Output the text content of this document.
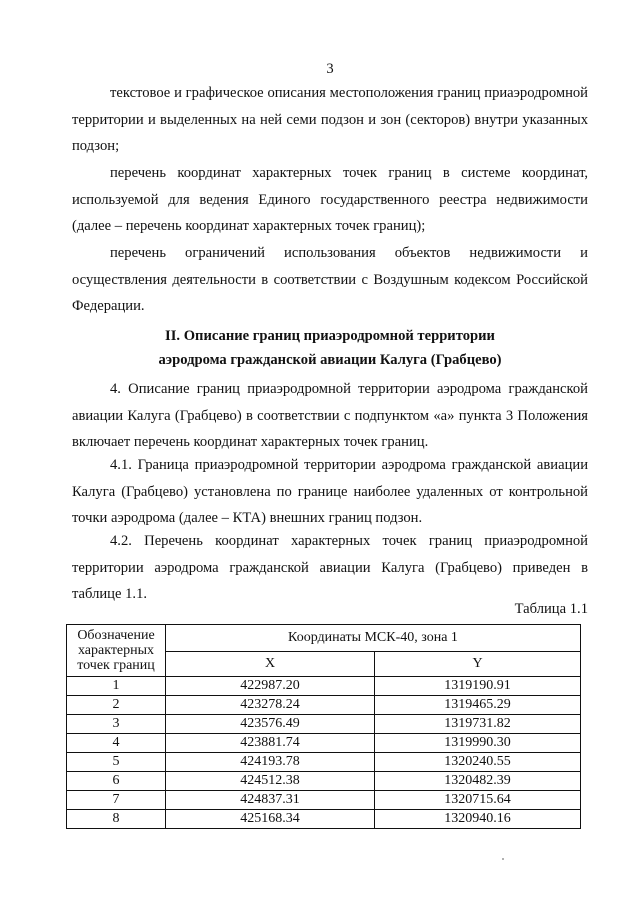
3

текстовое и графическое описания местоположения границ приаэродромной территории и выделенных на ней семи подзон и зон (секторов) внутри указанных подзон;

перечень координат характерных точек границ в системе координат, используемой для ведения Единого государственного реестра недвижимости (далее – перечень координат характерных точек границ);

перечень ограничений использования объектов недвижимости и осуществления деятельности в соответствии с Воздушным кодексом Российской Федерации.

II. Описание границ приаэродромной территории
аэродрома гражданской авиации Калуга (Грабцево)

4. Описание границ приаэродромной территории аэродрома гражданской авиации Калуга (Грабцево) в соответствии с подпунктом «а» пункта 3 Положения включает перечень координат характерных точек границ.

4.1. Граница приаэродромной территории аэродрома гражданской авиации Калуга (Грабцево) установлена по границе наиболее удаленных от контрольной точки аэродрома (далее – КТА) внешних границ подзон.

4.2. Перечень координат характерных точек границ приаэродромной территории аэродрома гражданской авиации Калуга (Грабцево) приведен в таблице 1.1.

Таблица 1.1
Обозначение характерных точек границ	Координаты МСК-40, зона 1	
	X	Y
1	422987.20	1319190.91
2	423278.24	1319465.29
3	423576.49	1319731.82
4	423881.74	1319990.30
5	424193.78	1320240.55
6	424512.38	1320482.39
7	424837.31	1320715.64
8	425168.34	1320940.16
